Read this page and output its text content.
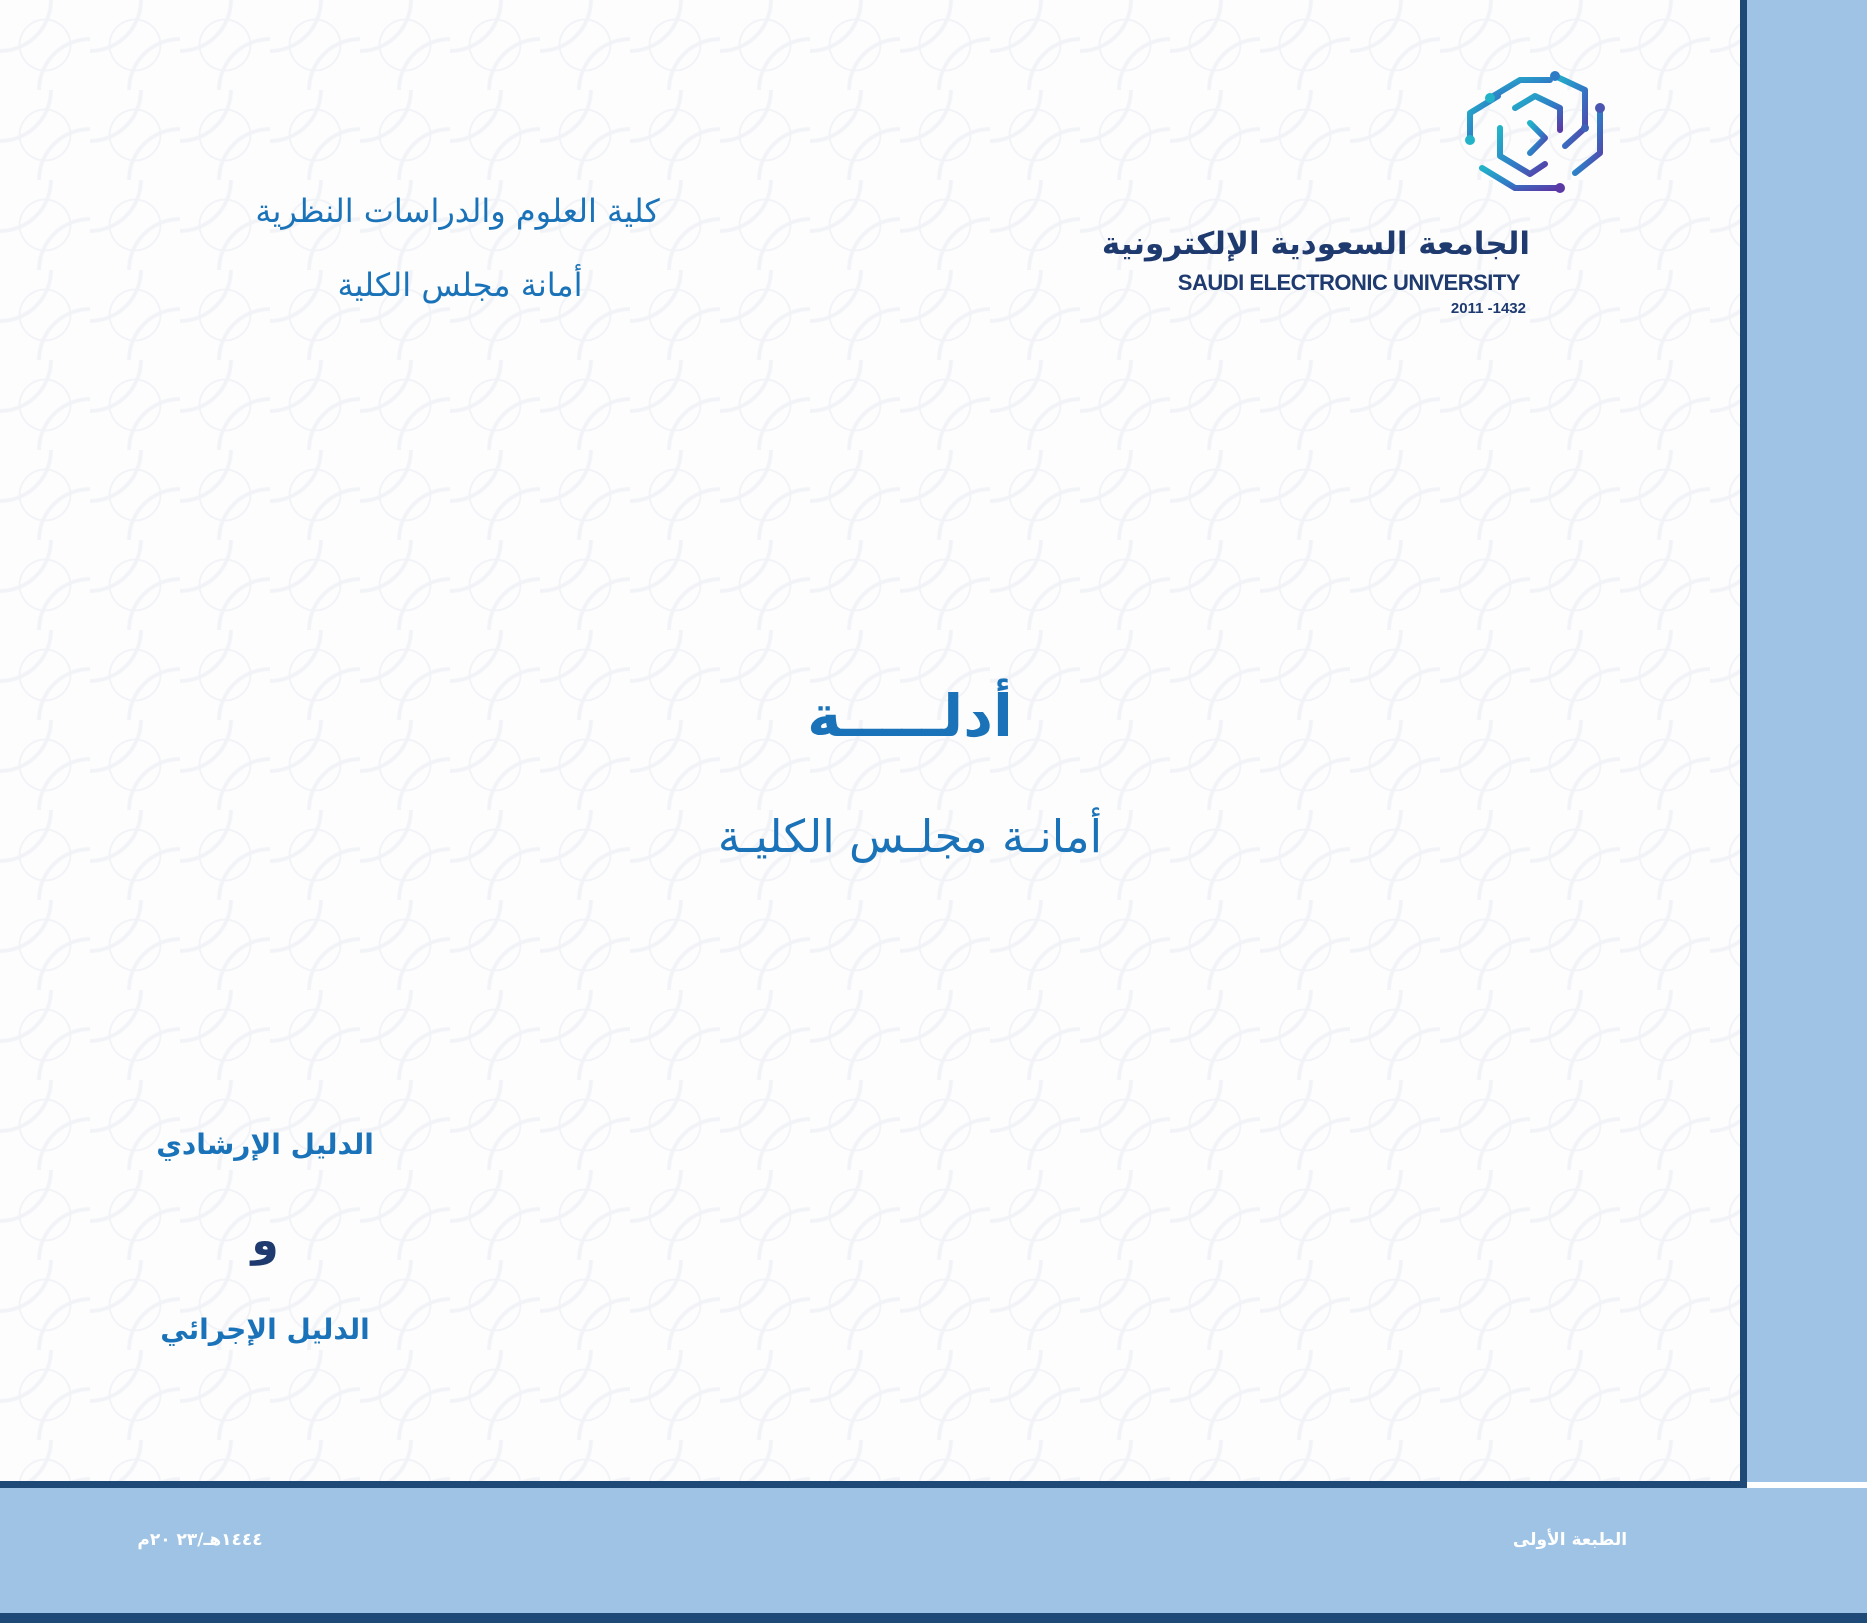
الجامعة السعودية الإلكترونية
SAUDI ELECTRONIC UNIVERSITY
2011 -1432
كلية العلوم والدراسات النظرية
أمانة مجلس الكلية
أدلـــــة
أمانـة مجلـس الكليـة
الدليل الإرشادي
و
الدليل الإجرائي
الطبعة الأولى
١٤٤٤هـ/٢٣ ٢٠م
